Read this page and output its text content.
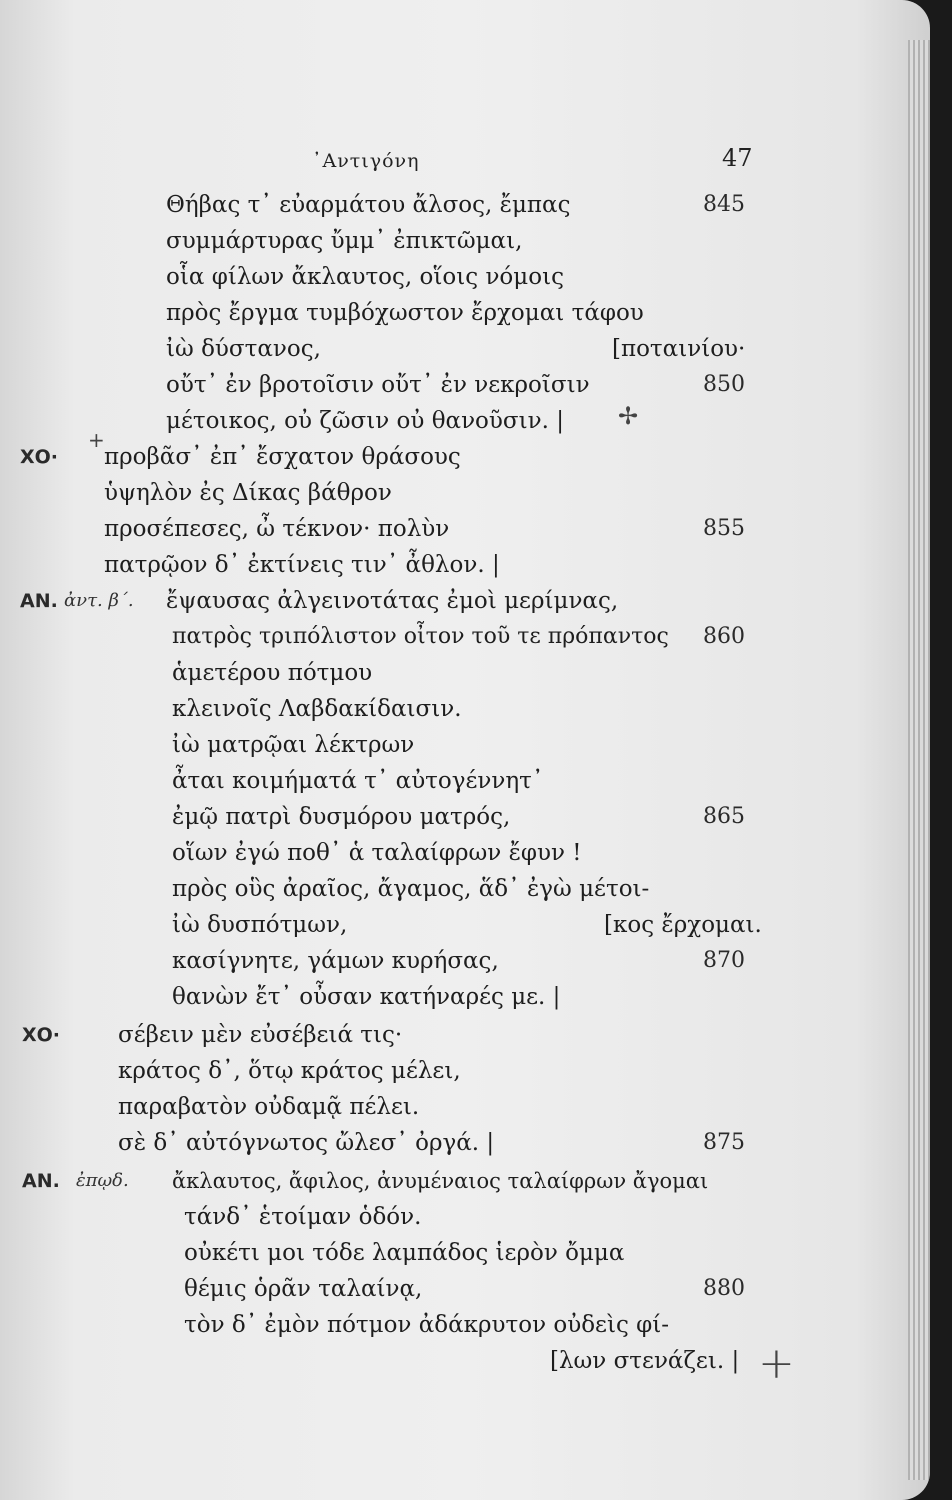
᾿Αντιγόνη	47
Θήβας τ᾿ εὐαρμάτου ἄλσος, ἔμπας	845
συμμάρτυρας ὔμμ᾿ ἐπικτῶμαι,
οἷα φίλων ἄκλαυτος, οἵοις νόμοις
πρὸς ἔργμα τυμβόχωστον ἔρχομαι τάφου
ἰὼ δύστανος,	[ποταινίου·
οὔτ᾿ ἐν βροτοῖσιν οὔτ᾿ ἐν νεκροῖσιν	850
μέτοικος, οὐ ζῶσιν οὐ θανοῦσιν. | ✢
ΧΟ·
+
προβᾶσ᾿ ἐπ᾿ ἔσχατον θράσους
ὑψηλὸν ἐς Δίκας βάθρον
προσέπεσες, ὦ τέκνον· πολὺν	855
πατρῷον δ᾿ ἐκτίνεις τιν᾿ ἆθλον. |
ΑΝ. ἀντ. β΄. ἔψαυσας ἀλγεινοτάτας ἐμοὶ μερίμνας,
πατρὸς τριπόλιστον οἶτον τοῦ τε πρόπαντος 860
ἁμετέρου πότμου
κλεινοῖς Λαβδακίδαισιν.
ἰὼ ματρῷαι λέκτρων
ἆται κοιμήματά τ᾿ αὐτογέννητ᾿
ἐμῷ πατρὶ δυσμόρου ματρός,	865
οἵων ἐγώ ποθ᾿ ἁ ταλαίφρων ἔφυν !
πρὸς οὓς ἀραῖος, ἄγαμος, ἅδ᾿ ἐγὼ μέτοι-
ἰὼ δυσπότμων,	[κος ἔρχομαι.
κασίγνητε, γάμων κυρήσας,	870
θανὼν ἔτ᾿ οὖσαν κατήναρές με. |
ΧΟ·	σέβειν μὲν εὐσέβειά τις·
κράτος δ᾿, ὅτῳ κράτος μέλει,
παραβατὸν οὐδαμᾷ πέλει.
σὲ δ᾿ αὐτόγνωτος ὤλεσ᾿ ὀργά. |	875
ΑΝ. ἐπῳδ. ἄκλαυτος, ἄφιλος, ἀνυμέναιος ταλαίφρων ἄγομαι
τάνδ᾿ ἑτοίμαν ὁδόν.
οὐκέτι μοι τόδε λαμπάδος ἱερὸν ὄμμα
θέμις ὁρᾶν ταλαίνᾳ,	880
τὸν δ᾿ ἐμὸν πότμον ἀδάκρυτον οὐδεὶς φί-
[λων στενάζει. | +
